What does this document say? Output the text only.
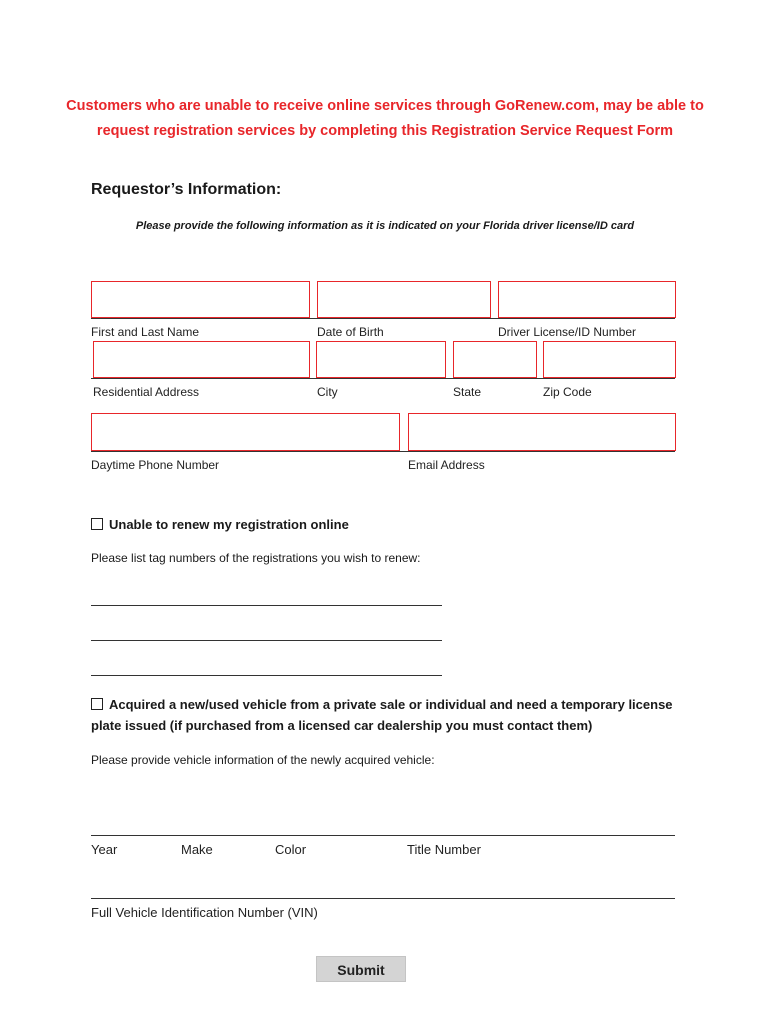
Customers who are unable to receive online services through GoRenew.com, may be able to request registration services by completing this Registration Service Request Form
Requestor’s Information:
Please provide the following information as it is indicated on your Florida driver license/ID card
First and Last Name	Date of Birth	Driver License/ID Number
Residential Address	City	State	Zip Code
Daytime Phone Number	Email Address
Unable to renew my registration online
Please list tag numbers of the registrations you wish to renew:
Acquired a new/used vehicle from a private sale or individual and need a temporary license plate issued (if purchased from a licensed car dealership you must contact them)
Please provide vehicle information of the newly acquired vehicle:
Year	Make	Color	Title Number
Full Vehicle Identification Number (VIN)
Submit
